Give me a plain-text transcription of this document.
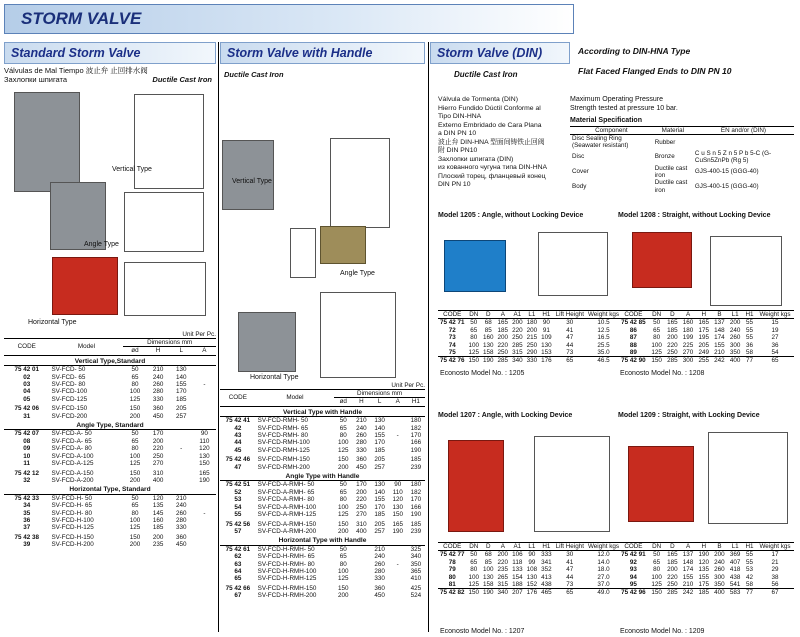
STORM VALVE
Standard Storm Valve
Válvulas de Mal Tiempo 波止弁 止回排水阀
Захлопки шпигата	Ductile Cast Iron
Vertical Type
Angle Type
Horizontal Type
Unit Per Pc.
CODE	Model	Dimensions mm			
		ød	H	L	A
Vertical Type,Standard					
75 42 01	SV-FCD- 50	50	210	130	
02	SV-FCD- 65	65	240	140	
03	SV-FCD- 80	80	260	155	-
04	SV-FCD-100	100	280	170	
05	SV-FCD-125	125	330	185	
75 42 06	SV-FCD-150	150	360	205	
31	SV-FCD-200	200	450	257	
Angle Type, Standard					
75 42 07	SV-FCD-A- 50	50	170		90
08	SV-FCD-A- 65	65	200		110
09	SV-FCD-A- 80	80	220	-	120
10	SV-FCD-A-100	100	250		130
11	SV-FCD-A-125	125	270		150
75 42 12	SV-FCD-A-150	150	310		165
32	SV-FCD-A-200	200	400		190
Horizontal Type, Standard					
75 42 33	SV-FCD-H- 50	50	120	210	
34	SV-FCD-H- 65	65	135	240	
35	SV-FCD-H- 80	80	145	260	-
36	SV-FCD-H-100	100	160	280	
37	SV-FCD-H-125	125	185	330	
75 42 38	SV-FCD-H-150	150	200	360	
39	SV-FCD-H-200	200	235	450	
Storm Valve with Handle
Ductile Cast Iron
Vertical Type
Angle Type
Horizontal Type
Unit Per Pc.
CODE	Model	Dimensions mm				
		ød	H	L	A	H1
Vertical Type with Handle						
75 42 41	SV-FCD-RMH- 50	50	210	130		180
42	SV-FCD-RMH- 65	65	240	140		182
43	SV-FCD-RMH- 80	80	260	155	-	170
44	SV-FCD-RMH-100	100	280	170		166
45	SV-FCD-RMH-125	125	330	185		190
75 42 46	SV-FCD-RMH-150	150	360	205		185
47	SV-FCD-RMH-200	200	450	257		239
Angle Type with Handle						
75 42 51	SV-FCD-A-RMH- 50	50	170	130	90	180
52	SV-FCD-A-RMH- 65	65	200	140	110	182
53	SV-FCD-A-RMH- 80	80	220	155	120	170
54	SV-FCD-A-RMH-100	100	250	170	130	166
55	SV-FCD-A-RMH-125	125	270	185	150	190
75 42 56	SV-FCD-A-RMH-150	150	310	205	165	185
57	SV-FCD-A-RMH-200	200	400	257	190	239
Horizontal Type with Handle						
75 42 61	SV-FCD-H-RMH- 50	50		210		325
62	SV-FCD-H-RMH- 65	65		240		340
63	SV-FCD-H-RMH- 80	80		260	-	350
64	SV-FCD-H-RMH-100	100		280		365
65	SV-FCD-H-RMH-125	125		330		410
75 42 66	SV-FCD-H-RMH-150	150		360		425
67	SV-FCD-H-RMH-200	200		450		524
Storm Valve (DIN)	According to DIN-HNA Type
Flat Faced Flanged Ends to DIN PN 10
Ductile Cast Iron
Válvula de Tormenta (DIN)
Hierro Fundido Dúctil Conforme al
Tipo DIN-HNA
Externo Embridado de Cara Plana
a DIN PN 10
波止弁 DIN-HNA 型面间铸铁止回阀
附 DIN PN10
Захлопки шпигата (DIN)
из кованного чугуна типа DIN-HNA
Плоский торец, фланцевый конец
DIN PN 10
Maximum Operating Pressure
Strength tested at pressure 10 bar.
Material Specification
Component	Material	EN and/or (DIN)
Disc Sealing Ring (Seawater resistant)	Rubber	
Disc	Bronze	C u S n 5 Z n 5 P b 5-C (G-CuSn5ZnPb (Rg 5)
Cover	Ductile cast iron	GJS-400-15 (GGG-40)
Body	Ductile cast iron	GJS-400-15 (GGG-40)
Model 1205 : Angle, without Locking Device
CODE	DN	D	A	A1	L1	H1	Lift Height	Weight kgs
75 42 71	50	68	165	200	180	90	30	10.5
72	65	85	185	220	200	91	41	12.5
73	80	160	200	250	215	109	47	16.5
74	100	130	220	285	250	130	44	25.5
75	125	158	250	315	290	153	73	35.0
75 42 76	150	190	285	340	330	176	65	46.5
Econosto Model No. : 1205
Model 1208 : Straight, without Locking Device
CODE	DN	D	A	H	B	L1	H1	Weight kgs
75 42 85	50	165	160	165	137	200	55	15
86	65	185	180	175	148	240	55	19
87	80	200	199	195	174	260	55	27
88	100	220	225	205	155	300	36	36
89	125	250	270	249	210	350	58	54
75 42 90	150	285	300	255	242	400	77	65
Econosto Model No. : 1208
Model 1207 : Angle, with Locking Device
CODE	DN	D	A	A1	L1	H1	Lift Height	Weight kgs
75 42 77	50	68	200	106	90	333	30	12.0
78	65	85	220	118	99	341	41	14.0
79	80	100	235	133	108	352	47	18.0
80	100	130	265	154	130	413	44	27.0
81	125	158	315	188	152	438	73	37.0
75 42 82	150	190	340	207	176	465	65	49.0
Econosto Model No. : 1207
Model 1209 : Straight, with Locking Device
CODE	DN	D	A	H	B	L1	H1	Weight kgs
75 42 91	50	165	137	190	200	369	55	17
92	65	185	148	120	240	407	55	21
93	80	200	174	135	260	418	53	29
94	100	220	155	155	300	438	42	38
95	125	250	210	175	350	541	58	56
75 42 96	150	285	242	185	400	583	77	67
Econosto Model No. : 1209
